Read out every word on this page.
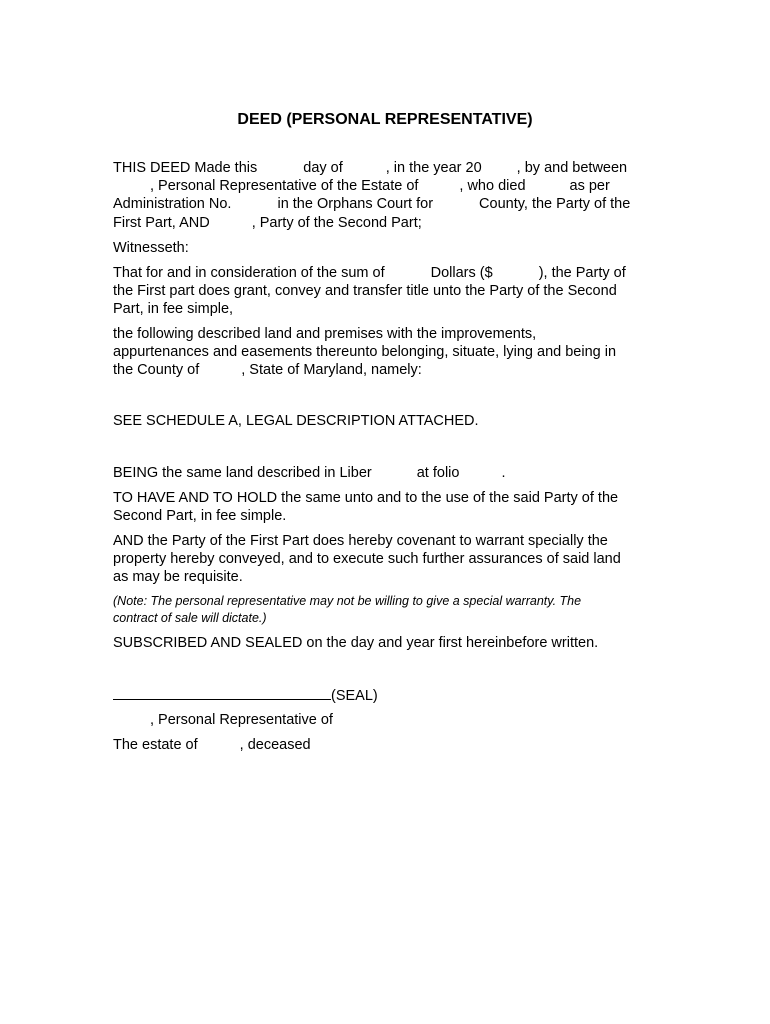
DEED (PERSONAL REPRESENTATIVE)
THIS DEED Made this	day of	, in the year 20 , by and between
, Personal Representative of the Estate of	, who died	as per
Administration No.	in the Orphans Court for	County, the Party of the
First Part, AND	, Party of the Second Part;
Witnesseth:
That for and in consideration of the sum of	Dollars ($	), the Party of
the First part does grant, convey and transfer title unto the Party of the Second
Part, in fee simple,
the following described land and premises with the improvements,
appurtenances and easements thereunto belonging, situate, lying and being in
the County of	, State of Maryland, namely:
SEE SCHEDULE A, LEGAL DESCRIPTION ATTACHED.
BEING the same land described in Liber	at folio	.
TO HAVE AND TO HOLD the same unto and to the use of the said Party of the
Second Part, in fee simple.
AND the Party of the First Part does hereby covenant to warrant specially the
property hereby conveyed, and to execute such further assurances of said land
as may be requisite.
(Note: The personal representative may not be willing to give a special warranty. The
contract of sale will dictate.)
SUBSCRIBED AND SEALED on the day and year first hereinbefore written.
(SEAL)
, Personal Representative of
The estate of	, deceased
